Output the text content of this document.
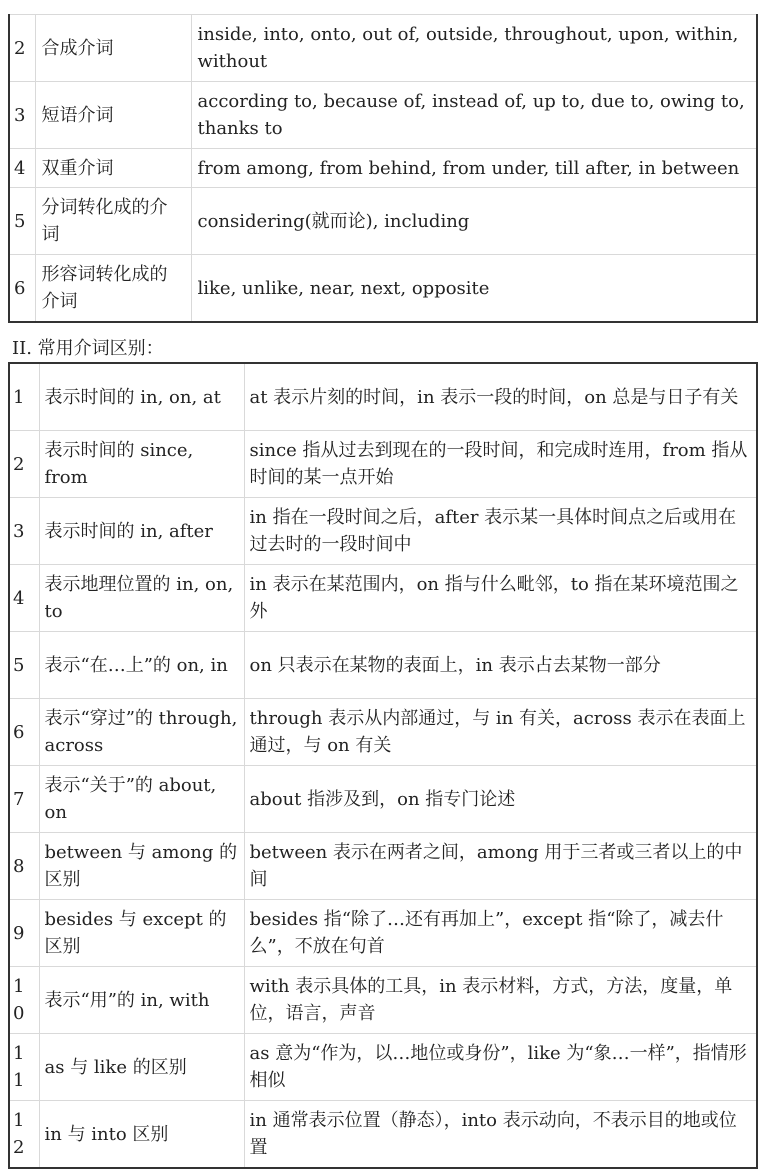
2	合成介词	inside, into, onto, out of, outside, throughout, upon, within, without
3	短语介词	according to, because of, instead of, up to, due to, owing to, thanks to
4	双重介词	from among, from behind, from under, till after, in between
5	分词转化成的介词	considering(就而论), including
6	形容词转化成的介词	like, unlike, near, next, opposite
II. 常用介词区别：
1	表示时间的 in, on, at	at 表示片刻的时间，in 表示一段的时间，on 总是与日子有关
2	表示时间的 since, from	since 指从过去到现在的一段时间，和完成时连用，from 指从时间的某一点开始
3	表示时间的 in, after	in 指在一段时间之后，after 表示某一具体时间点之后或用在过去时的一段时间中
4	表示地理位置的 in, on, to	in 表示在某范围内，on 指与什么毗邻，to 指在某环境范围之外
5	表示“在…上”的 on, in	on 只表示在某物的表面上，in 表示占去某物一部分
6	表示“穿过”的 through, across	through 表示从内部通过，与 in 有关，across 表示在表面上通过，与 on 有关
7	表示“关于”的 about, on	about 指涉及到，on 指专门论述
8	between 与 among 的区别	between 表示在两者之间，among 用于三者或三者以上的中间
9	besides 与 except 的区别	besides 指“除了…还有再加上”，except 指“除了，减去什么”，不放在句首
10	表示“用”的 in, with	with 表示具体的工具，in 表示材料，方式，方法，度量，单位，语言，声音
11	as 与 like 的区别	as 意为“作为，以…地位或身份”，like 为“象…一样”，指情形相似
12	in 与 into 区别	in 通常表示位置（静态），into 表示动向，不表示目的地或位置
